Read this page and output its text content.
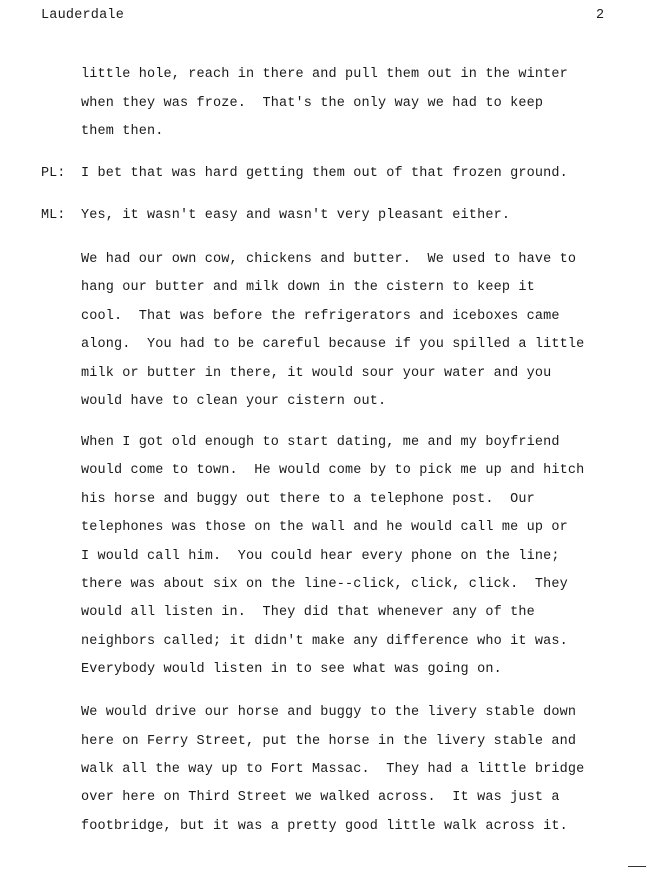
Lauderdale	2
little hole, reach in there and pull them out in the winter
when they was froze.  That's the only way we had to keep
them then.
PL: I bet that was hard getting them out of that frozen ground.
ML: Yes, it wasn't easy and wasn't very pleasant either.
We had our own cow, chickens and butter.  We used to have to
hang our butter and milk down in the cistern to keep it
cool.  That was before the refrigerators and iceboxes came
along.  You had to be careful because if you spilled a little
milk or butter in there, it would sour your water and you
would have to clean your cistern out.
When I got old enough to start dating, me and my boyfriend
would come to town.  He would come by to pick me up and hitch
his horse and buggy out there to a telephone post.  Our
telephones was those on the wall and he would call me up or
I would call him.  You could hear every phone on the line;
there was about six on the line--click, click, click.  They
would all listen in.  They did that whenever any of the
neighbors called; it didn't make any difference who it was.
Everybody would listen in to see what was going on.
We would drive our horse and buggy to the livery stable down
here on Ferry Street, put the horse in the livery stable and
walk all the way up to Fort Massac.  They had a little bridge
over here on Third Street we walked across.  It was just a
footbridge, but it was a pretty good little walk across it.
